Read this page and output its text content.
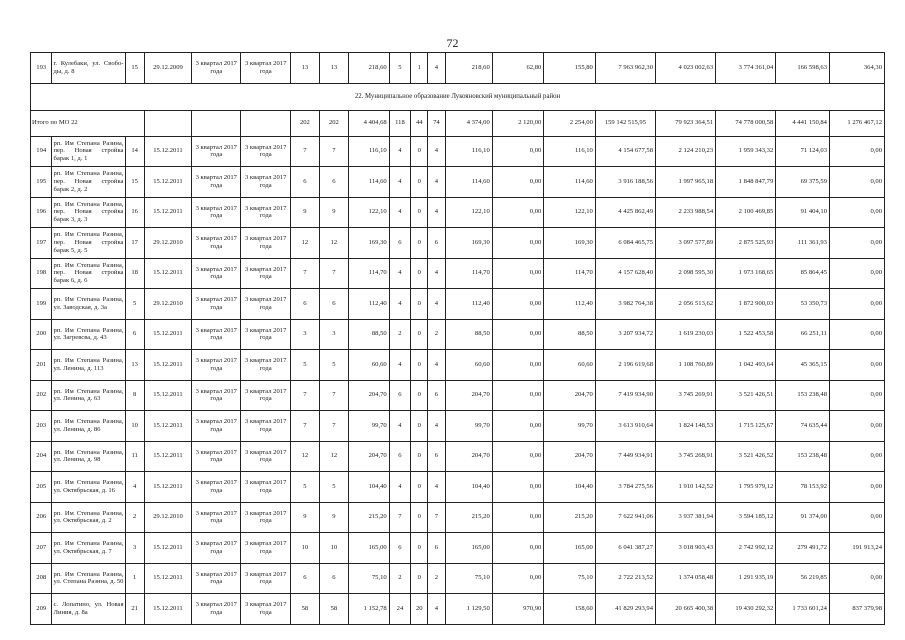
72
193	г. Кулебаки, ул. Свобо-ды, д. 8	15	29.12.2009	3 квартал 2017 года	3 квартал 2017 года	13	13	218,60	5	1	4	218,60	62,80	155,80	7 963 962,30	4 023 002,63	3 774 361,04	166 598,63	364,30
22. Муниципальное образование Лукояновский муниципальный район																			
Итого по МО 22						202	202	4 404,68	118	44	74	4 374,00	2 120,00	2 254,00	159 142 515,95	79 923 364,51	74 778 000,58	4 441 150,84	1 276 467,12
194	рп. Им Степана Разина, пер. Новая стройка барак 1, д. 1	14	15.12.2011	3 квартал 2017 года	3 квартал 2017 года	7	7	116,10	4	0	4	116,10	0,00	116,10	4 154 677,58	2 124 210,23	1 959 343,32	71 124,03	0,00
195	рп. Им Степана Разина, пер. Новая стройка барак 2, д. 2	15	15.12.2011	3 квартал 2017 года	3 квартал 2017 года	6	6	114,60	4	0	4	114,60	0,00	114,60	3 916 188,56	1 997 965,18	1 848 847,79	69 375,59	0,00
196	рп. Им Степана Разина, пер. Новая стройка барак 3, д. 3	16	15.12.2011	3 квартал 2017 года	3 квартал 2017 года	9	9	122,10	4	0	4	122,10	0,00	122,10	4 425 862,49	2 233 988,54	2 100 469,85	91 404,10	0,00
197	рп. Им Степана Разина, пер. Новая стройка барак 5, д. 5	17	29.12.2010	3 квартал 2017 года	3 квартал 2017 года	12	12	169,30	6	0	6	169,30	0,00	169,30	6 084 465,75	3 097 577,89	2 875 525,93	111 361,93	0,00
198	рп. Им Степана Разина, пер. Новая стройка барак 6, д. 6	18	15.12.2011	3 квартал 2017 года	3 квартал 2017 года	7	7	114,70	4	0	4	114,70	0,00	114,70	4 157 628,40	2 098 595,30	1 973 168,65	85 864,45	0,00
199	рп. Им Степана Разина, ул. Заводская, д. 3а	5	29.12.2010	3 квартал 2017 года	3 квартал 2017 года	6	6	112,40	4	0	4	112,40	0,00	112,40	3 982 764,38	2 056 513,62	1 872 900,03	53 350,73	0,00
200	рп. Им Степана Разина, ул. Загревсва, д. 43	6	15.12.2011	3 квартал 2017 года	3 квартал 2017 года	3	3	88,50	2	0	2	88,50	0,00	88,50	3 207 934,72	1 619 230,03	1 522 453,58	66 251,11	0,00
201	рп. Им Степана Разина, ул. Ленина, д. 113	13	15.12.2011	3 квартал 2017 года	3 квартал 2017 года	5	5	60,60	4	0	4	60,60	0,00	60,60	2 196 619,68	1 108 760,89	1 042 493,64	45 365,15	0,00
202	рп. Им Степана Разина, ул. Ленина, д. 63	8	15.12.2011	3 квартал 2017 года	3 квартал 2017 года	7	7	204,70	6	0	6	204,70	0,00	204,70	7 419 934,90	3 745 269,91	3 521 426,51	153 238,48	0,00
203	рп. Им Степана Разина, ул. Ленина, д. 86	10	15.12.2011	3 квартал 2017 года	3 квартал 2017 года	7	7	99,70	4	0	4	99,70	0,00	99,70	3 613 910,64	1 824 148,53	1 715 125,67	74 635,44	0,00
204	рп. Им Степана Разина, ул. Ленина, д. 98	11	15.12.2011	3 квартал 2017 года	3 квартал 2017 года	12	12	204,70	6	0	6	204,70	0,00	204,70	7 449 934,91	3 745 268,91	3 521 426,52	153 238,48	0,00
205	рп. Им Степана Разина, ул. Октябрьская, д. 16	4	15.12.2011	3 квартал 2017 года	3 квартал 2017 года	5	5	104,40	4	0	4	104,40	0,00	104,40	3 784 275,56	1 910 142,52	1 795 979,12	78 153,92	0,00
206	рп. Им Степана Разина, ул. Октябрьская, д. 2	2	29.12.2010	3 квартал 2017 года	3 квартал 2017 года	9	9	215,20	7	0	7	215,20	0,00	215,20	7 622 941,06	3 937 381,94	3 594 185,12	91 374,00	0,00
207	рп. Им Степана Разина, ул. Октябрьская, д. 7	3	15.12.2011	3 квартал 2017 года	3 квартал 2017 года	10	10	165,00	6	0	6	165,00	0,00	165,00	6 041 387,27	3 018 903,43	2 742 992,12	279 491,72	191 913,24
208	рп. Им Степана Разина, ул. Степана Разина, д. 50	1	15.12.2011	3 квартал 2017 года	3 квартал 2017 года	6	6	75,10	2	0	2	75,10	0,00	75,10	2 722 213,52	1 374 058,48	1 291 935,19	56 219,85	0,00
209	с. Лопатино, ул. Новая Линия, д. 8а	21	15.12.2011	3 квартал 2017 года	3 квартал 2017 года	58	58	1 152,78	24	20	4	1 129,50	970,90	158,60	41 829 293,94	20 665 400,38	19 430 292,32	1 733 601,24	837 379,98
